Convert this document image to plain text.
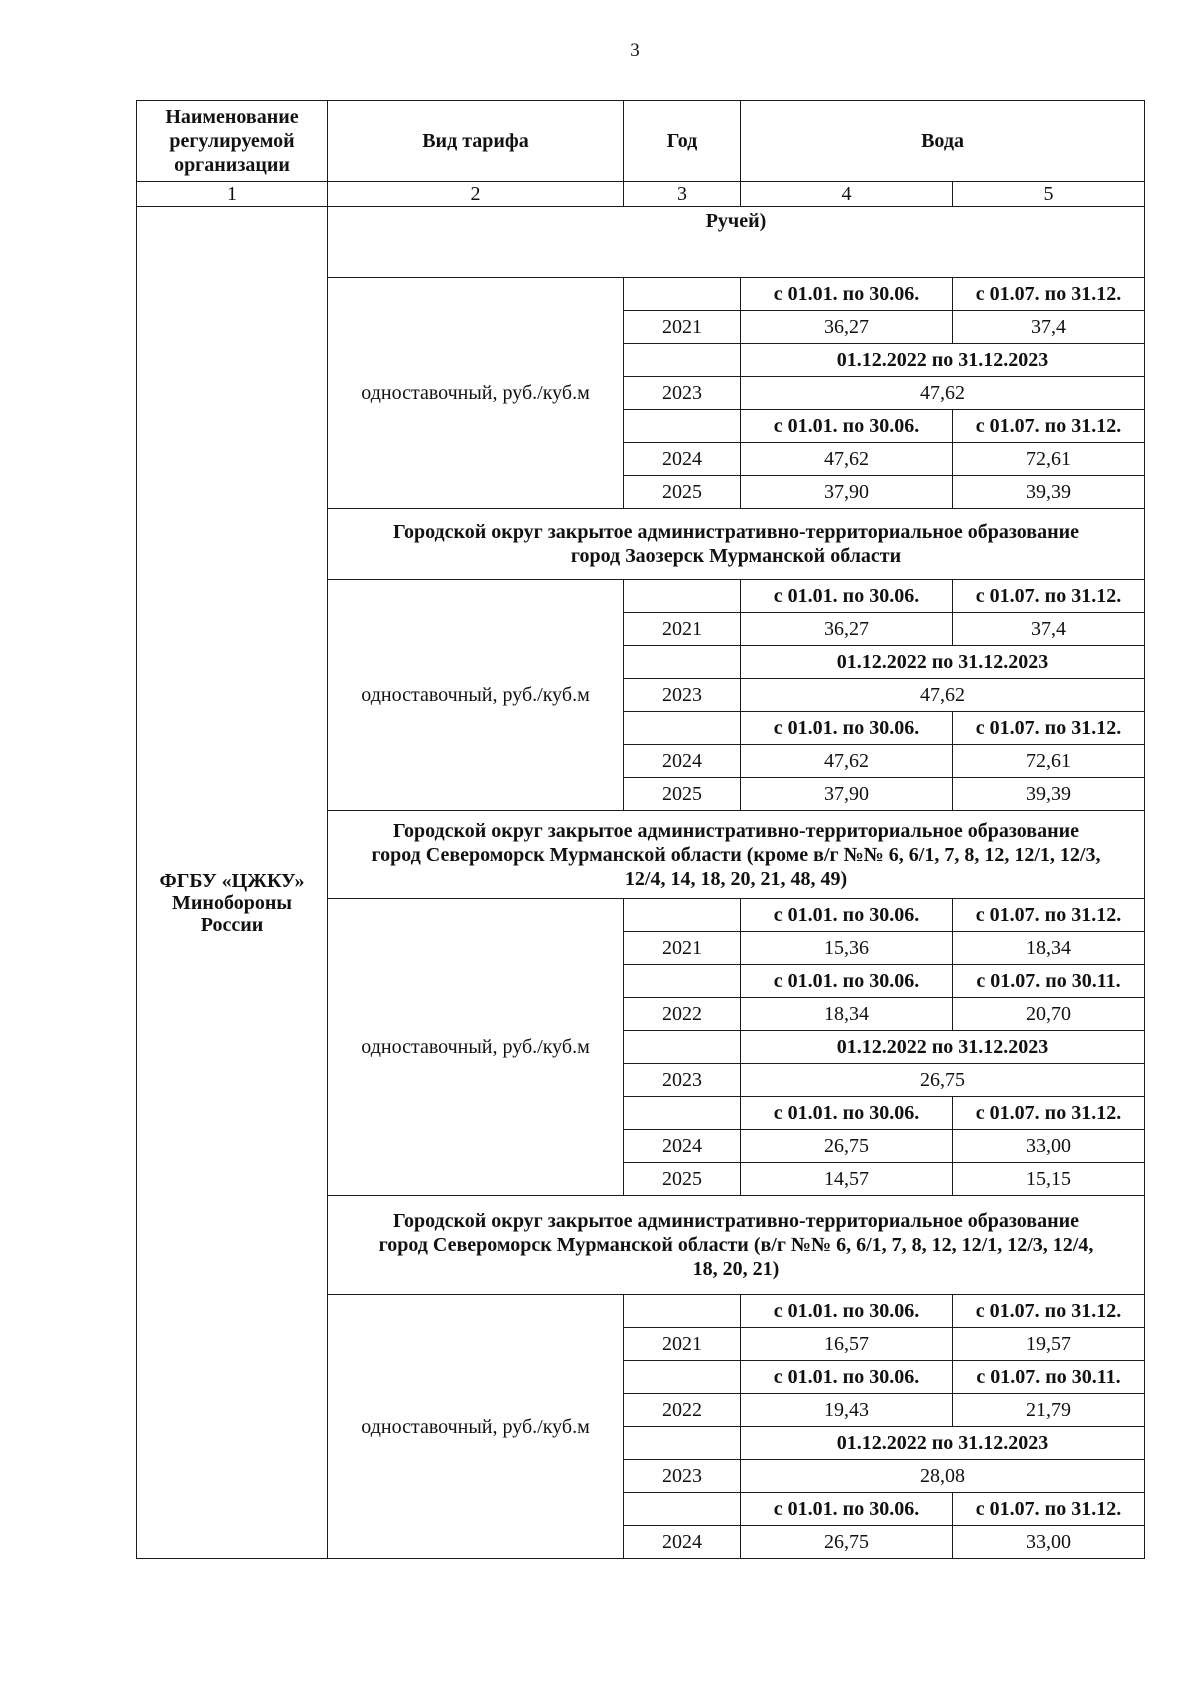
3
Наименование регулируемой организации	Вид тарифа	Год	Вода	
1	2	3	4	5
ФГБУ «ЦЖКУ» Минобороны России	Ручей)			
	одноставочный, руб./куб.м		с 01.01. по 30.06.	с 01.07. по 31.12.
		2021	36,27	37,4
			01.12.2022 по 31.12.2023	
		2023	47,62	
			с 01.01. по 30.06.	с 01.07. по 31.12.
		2024	47,62	72,61
		2025	37,90	39,39
	Городской округ закрытое административно-территориальное образование город Заозерск Мурманской области			
	одноставочный, руб./куб.м		с 01.01. по 30.06.	с 01.07. по 31.12.
		2021	36,27	37,4
			01.12.2022 по 31.12.2023	
		2023	47,62	
			с 01.01. по 30.06.	с 01.07. по 31.12.
		2024	47,62	72,61
		2025	37,90	39,39
	Городской округ закрытое административно-территориальное образование город Североморск Мурманской области (кроме в/г №№ 6, 6/1, 7, 8, 12, 12/1, 12/3, 12/4, 14, 18, 20, 21, 48, 49)			
	одноставочный, руб./куб.м		с 01.01. по 30.06.	с 01.07. по 31.12.
		2021	15,36	18,34
			с 01.01. по 30.06.	с 01.07. по 30.11.
		2022	18,34	20,70
			01.12.2022 по 31.12.2023	
		2023	26,75	
			с 01.01. по 30.06.	с 01.07. по 31.12.
		2024	26,75	33,00
		2025	14,57	15,15
	Городской округ закрытое административно-территориальное образование город Североморск Мурманской области (в/г №№ 6, 6/1, 7, 8, 12, 12/1, 12/3, 12/4, 18, 20, 21)			
	одноставочный, руб./куб.м		с 01.01. по 30.06.	с 01.07. по 31.12.
		2021	16,57	19,57
			с 01.01. по 30.06.	с 01.07. по 30.11.
		2022	19,43	21,79
			01.12.2022 по 31.12.2023	
		2023	28,08	
			с 01.01. по 30.06.	с 01.07. по 31.12.
		2024	26,75	33,00
